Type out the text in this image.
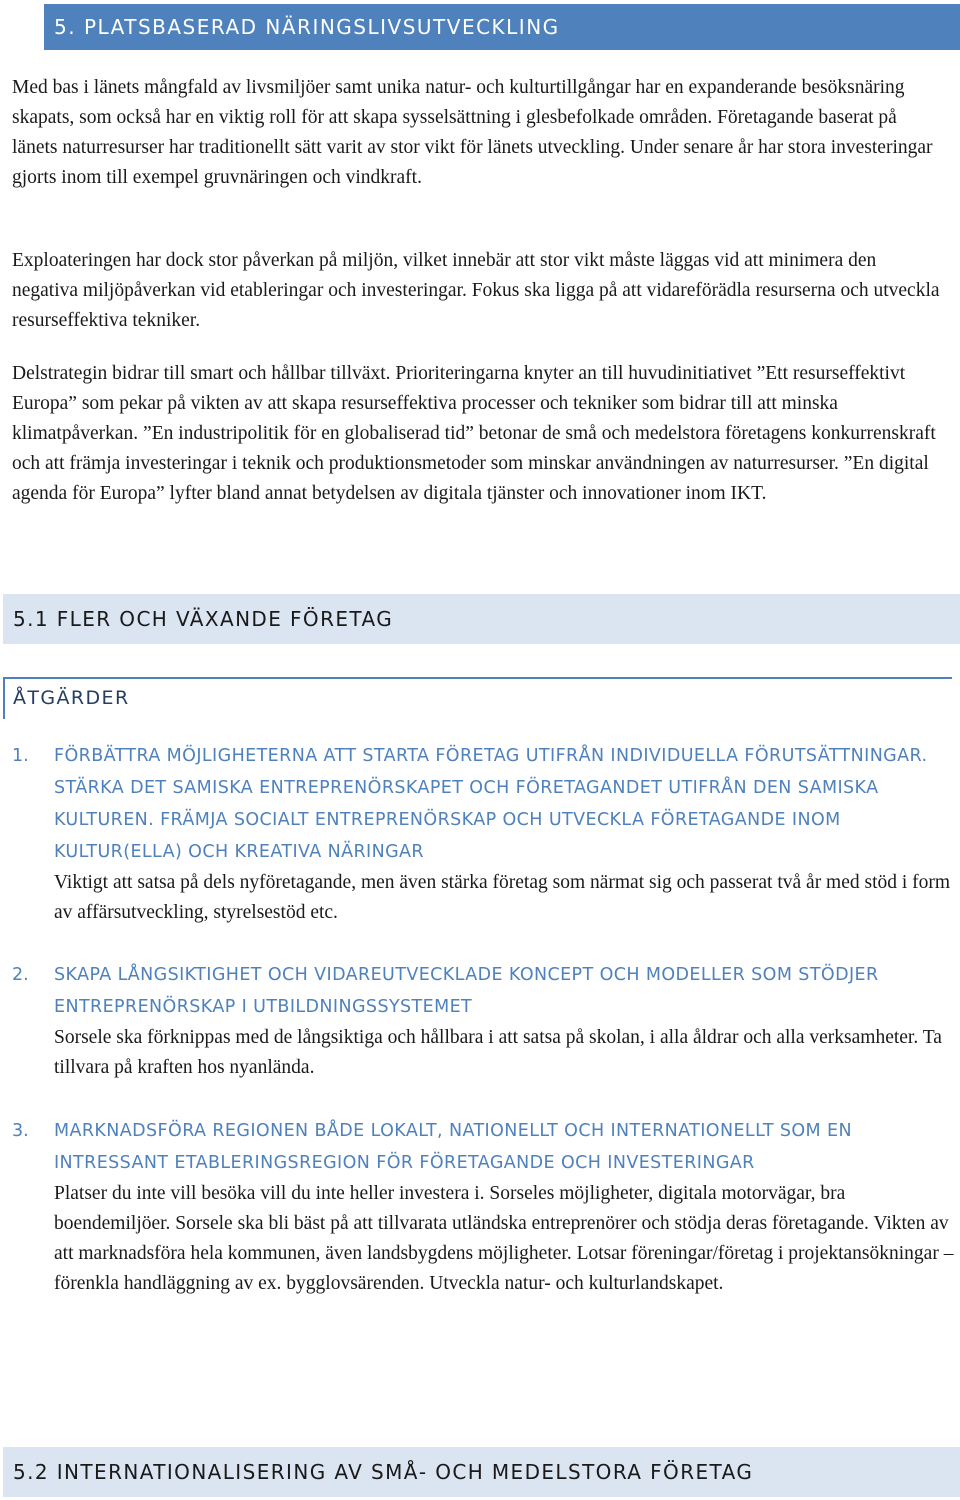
5. PLATSBASERAD NÄRINGSLIVSUTVECKLING

Med bas i länets mångfald av livsmiljöer samt unika natur- och kulturtillgångar har en expanderande besöksnäring skapats, som också har en viktig roll för att skapa sysselsättning i glesbefolkade områden. Företagande baserat på länets naturresurser har traditionellt sätt varit av stor vikt för länets utveckling. Under senare år har stora investeringar gjorts inom till exempel gruvnäringen och vindkraft.

Exploateringen har dock stor påverkan på miljön, vilket innebär att stor vikt måste läggas vid att minimera den negativa miljöpåverkan vid etableringar och investeringar. Fokus ska ligga på att vidareförädla resurserna och utveckla resurseffektiva tekniker.

Delstrategin bidrar till smart och hållbar tillväxt. Prioriteringarna knyter an till huvudinitiativet ”Ett resurseffektivt Europa” som pekar på vikten av att skapa resurseffektiva processer och tekniker som bidrar till att minska klimatpåverkan. ”En industripolitik för en globaliserad tid” betonar de små och medelstora företagens konkurrenskraft och att främja investeringar i teknik och produktionsmetoder som minskar användningen av naturresurser. ”En digital agenda för Europa” lyfter bland annat betydelsen av digitala tjänster och innovationer inom IKT.

5.1 FLER OCH VÄXANDE FÖRETAG
ÅTGÄRDER
1. FÖRBÄTTRA MÖJLIGHETERNA ATT STARTA FÖRETAG UTIFRÅN INDIVIDUELLA FÖRUTSÄTTNINGAR. STÄRKA DET SAMISKA ENTREPRENÖRSKAPET OCH FÖRETAGANDET UTIFRÅN DEN SAMISKA KULTUREN. FRÄMJA SOCIALT ENTREPRENÖRSKAP OCH UTVECKLA FÖRETAGANDE INOM KULTUR(ELLA) OCH KREATIVA NÄRINGAR
Viktigt att satsa på dels nyföretagande, men även stärka företag som närmat sig och passerat två år med stöd i form av affärsutveckling, styrelsestöd etc.
2. SKAPA LÅNGSIKTIGHET OCH VIDAREUTVECKLADE KONCEPT OCH MODELLER SOM STÖDJER ENTREPRENÖRSKAP I UTBILDNINGSSYSTEMET
Sorsele ska förknippas med de långsiktiga och hållbara i att satsa på skolan, i alla åldrar och alla verksamheter. Ta tillvara på kraften hos nyanlända.
3. MARKNADSFÖRA REGIONEN BÅDE LOKALT, NATIONELLT OCH INTERNATIONELLT SOM EN INTRESSANT ETABLERINGSREGION FÖR FÖRETAGANDE OCH INVESTERINGAR
Platser du inte vill besöka vill du inte heller investera i. Sorseles möjligheter, digitala motorvägar, bra boendemiljöer. Sorsele ska bli bäst på att tillvarata utländska entreprenörer och stödja deras företagande. Vikten av att marknadsföra hela kommunen, även landsbygdens möjligheter. Lotsar föreningar/företag i projektansökningar – förenkla handläggning av ex. bygglovsärenden. Utveckla natur- och kulturlandskapet.
5.2 INTERNATIONALISERING AV SMÅ- OCH MEDELSTORA FÖRETAG
